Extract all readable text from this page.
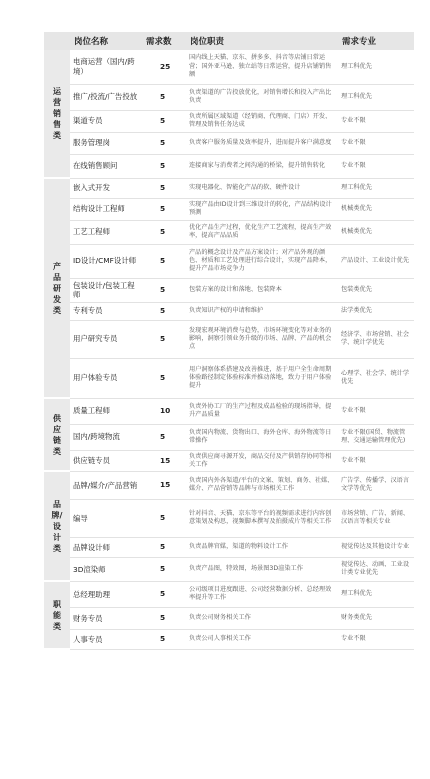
	岗位名称	需求数	岗位职责	需求专业
运营销售类	电商运营（国内/跨境）	25	国内线上天猫、京东、拼多多、抖音等店铺日常运营；国外亚马逊、独立站等日常运营，提升店铺销售额	理工科优先
	推广/投流/广告投放	5	负责渠道的广告投放优化，对销售增长和投入产出比负责	理工科优先
	渠道专员	5	负责所属区域渠道（经销商、代理商、门店）开发、管理及销售任务达成	专业不限
	服务管理岗	5	负责客户服务质量及效率提升，进而提升客户满意度	专业不限
	在线销售顾问	5	连接商家与消费者之间沟通的桥梁，提升销售转化	专业不限
产品研发类	嵌入式开发	5	实现电器化、智能化产品的软、硬件设计	理工科优先
	结构设计工程师	5	实现产品由ID设计到三维设计的转化，产品结构设计预测	机械类优先
	工艺工程师	5	优化产品生产过程，优化生产工艺流程，提高生产效率，提高产品品质	机械类优先
	ID设计/CMF设计师	5	产品的概念设计及产品方案设计；对产品外观的颜色、材质和工艺处理进行综合设计，实现产品降本，提升产品市场竞争力	产品设计、工业设计优先
	包装设计/包装工程师	5	包装方案的设计和落地、包装降本	包装类优先
	专利专员	5	负责知识产权的申请和维护	法学类优先
	用户研究专员	5	发现宏观环境消费与趋势，市场环境变化等对业务的影响，洞察引领业务升级的市场、品牌、产品的机会点	经济学、市场营销、社会学、统计学优先
	用户体验专员	5	用户洞察体系搭建及改善推进，基于用户全生命周期体验路径制定体验标准并推动落地，致力于用户体验提升	心理学、社会学、统计学优先
供应链类	质量工程师	10	负责外协工厂的生产过程及成品检验的现场指导，提升产品质量	专业不限
	国内/跨境物流	5	负责国内物流、货物出口、海外仓库、海外物流等日常操作	专业不限(国贸、物流管理、交通运输管理优先)
	供应链专员	15	负责供应商寻源开发，商品交付及产供销存协同等相关工作	专业不限
品牌/设计类	品牌/媒介/产品营销	15	负责国内外各渠道/平台的文案、策划、商务、社媒、媒介、产品营销等品牌与市场相关工作	广告学、传播学、汉语言文学等优先
	编导	5	针对抖音、天猫、京东等平台的视频需求进行内容创意策划及构思，视频脚本撰写及拍摄成片等相关工作	市场营销、广告、新闻、汉语言等相关专业
	品牌设计师	5	负责品牌官媒，渠道的物料设计工作	视觉传达及其他设计专业
	3D渲染师	5	负责产品图，特效图，场景图3D渲染工作	视觉传达、动画、工业设计类专业优先
职能类	总经理助理	5	公司级项目进度跟进、公司经营数据分析、总经理效率提升等工作	理工科优先
	财务专员	5	负责公司财务相关工作	财务类优先
	人事专员	5	负责公司人事相关工作	专业不限
